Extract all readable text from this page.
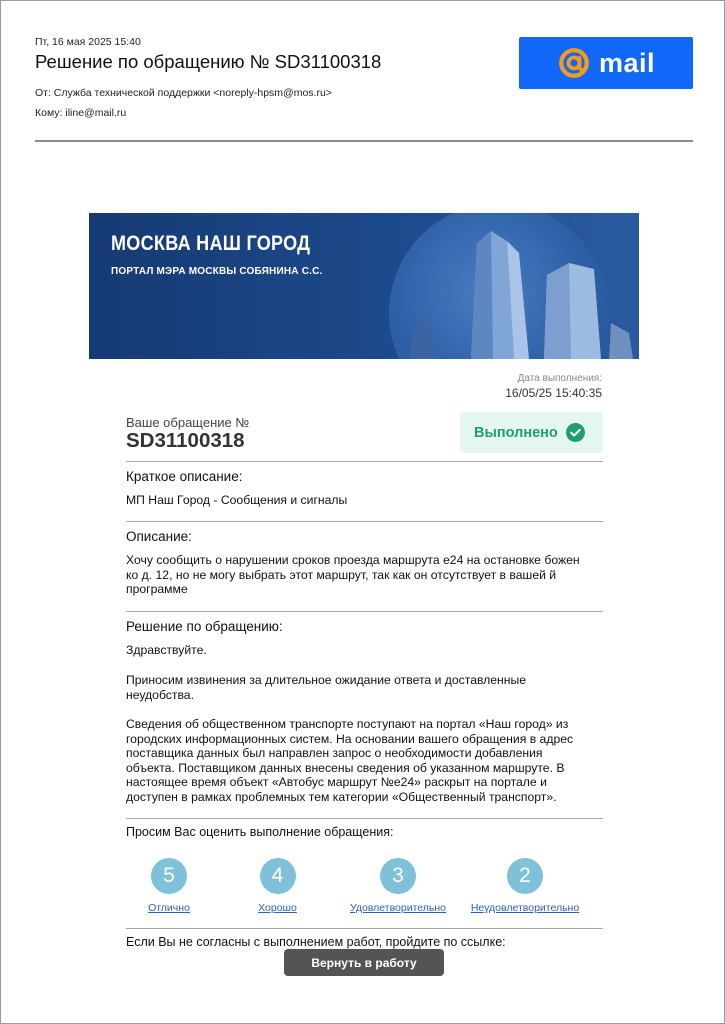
Пт, 16 мая 2025 15:40
Решение по обращению № SD31100318
От: Служба технической поддержки <noreply-hpsm@mos.ru>
Кому: iline@mail.ru
mail
МОСКВА НАШ ГОРОД
ПОРТАЛ МЭРА МОСКВЫ СОБЯНИНА С.С.
Дата выполнения:
16/05/25 15:40:35
Ваше обращение №
SD31100318	Выполнено
Краткое описание:
МП Наш Город - Сообщения и сигналы
Описание:
Хочу сообщить о нарушении сроков проезда маршрута е24 на остановке божен ко д. 12, но не могу выбрать этот маршрут, так как он отсутствует в вашей й программе
Решение по обращению:
Здравствуйте.
Приносим извинения за длительное ожидание ответа и доставленные неудобства.
Сведения об общественном транспорте поступают на портал «Наш город» из городских информационных систем. На основании вашего обращения в адрес поставщика данных был направлен запрос о необходимости добавления объекта. Поставщиком данных внесены сведения об указанном маршруте. В настоящее время объект «Автобус маршрут №е24» раскрыт на портале и доступен в рамках проблемных тем категории «Общественный транспорт».
Просим Вас оценить выполнение обращения:
5
Отлично
4
Хорошо
3
Удовлетворительно
2
Неудовлетворительно
Если Вы не согласны с выполнением работ, пройдите по ссылке:
Вернуть в работу
